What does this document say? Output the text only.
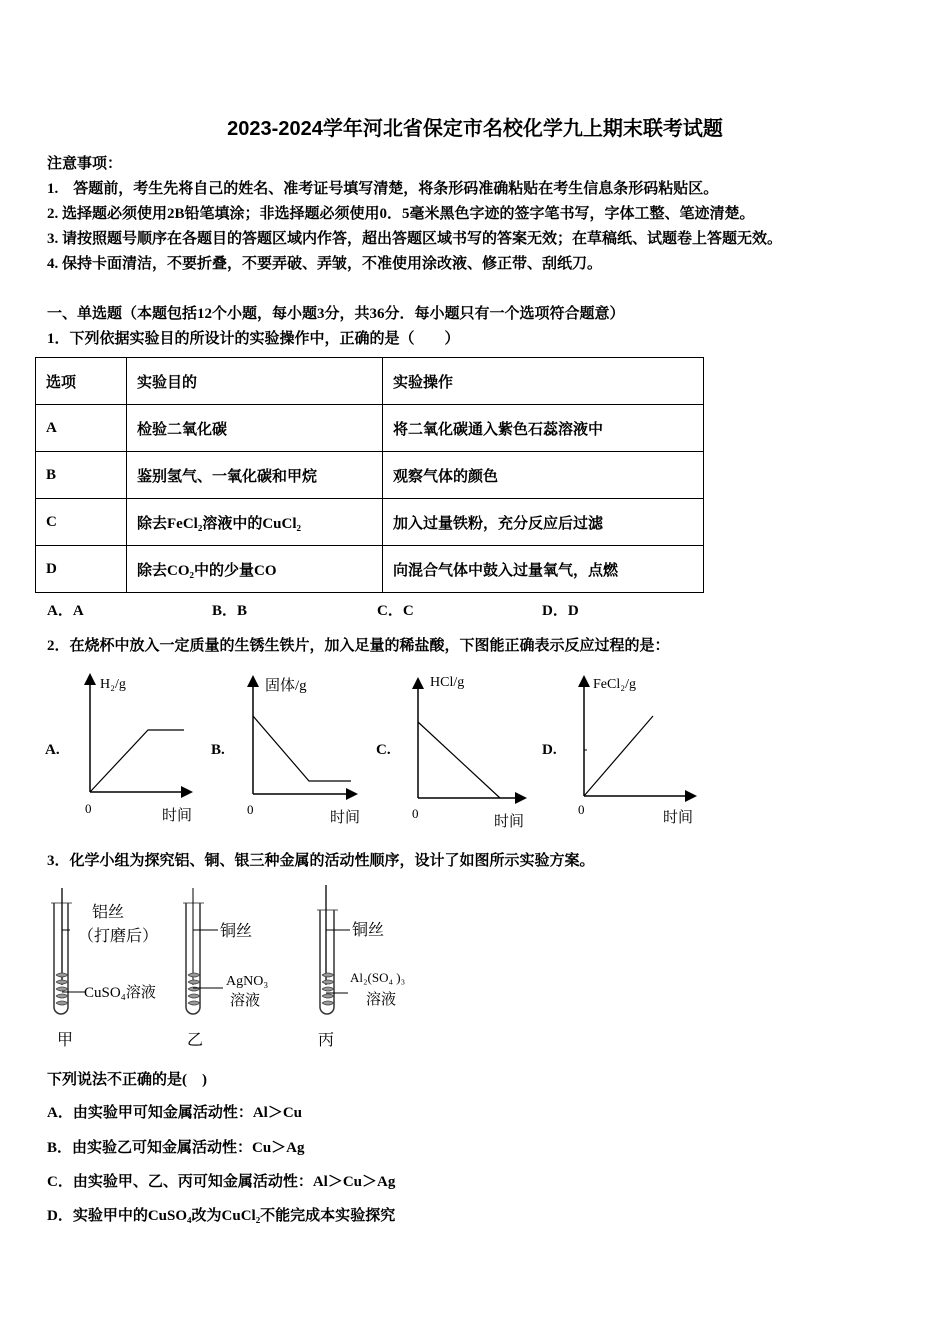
2023-2024学年河北省保定市名校化学九上期末联考试题
注意事项：
1.　答题前，考生先将自己的姓名、准考证号填写清楚，将条形码准确粘贴在考生信息条形码粘贴区。
2. 选择题必须使用2B铅笔填涂；非选择题必须使用0．5毫米黑色字迹的签字笔书写，字体工整、笔迹清楚。
3. 请按照题号顺序在各题目的答题区域内作答，超出答题区域书写的答案无效；在草稿纸、试题卷上答题无效。
4. 保持卡面清洁，不要折叠，不要弄破、弄皱，不准使用涂改液、修正带、刮纸刀。
一、单选题（本题包括12个小题，每小题3分，共36分．每小题只有一个选项符合题意）
1．下列依据实验目的所设计的实验操作中，正确的是（　　）
选项	实验目的	实验操作
A	检验二氧化碳	将二氧化碳通入紫色石蕊溶液中
B	鉴别氢气、一氧化碳和甲烷	观察气体的颜色
C	除去FeCl₂溶液中的CuCl₂	加入过量铁粉，充分反应后过滤
D	除去CO₂中的少量CO	向混合气体中鼓入过量氧气，点燃
A．A	B．B	C．C	D．D
2．在烧杯中放入一定质量的生锈生铁片，加入足量的稀盐酸，下图能正确表示反应过程的是：
A.	B.	C.	D.
H₂/g
0	时间
固体/g
0
时间
HCl/g
0
时间
FeCl₂/g
0
时间
3．化学小组为探究铝、铜、银三种金属的活动性顺序，设计了如图所示实验方案。
铝丝
（打磨后）
CuSO₄溶液
甲
铜丝
AgNO₃
溶液
乙
铜丝
Al₂(SO₄ )₃
溶液
丙
下列说法不正确的是(　)
A．由实验甲可知金属活动性：Al＞Cu
B．由实验乙可知金属活动性：Cu＞Ag
C．由实验甲、乙、丙可知金属活动性：Al＞Cu＞Ag
D．实验甲中的CuSO₄改为CuCl₂不能完成本实验探究
